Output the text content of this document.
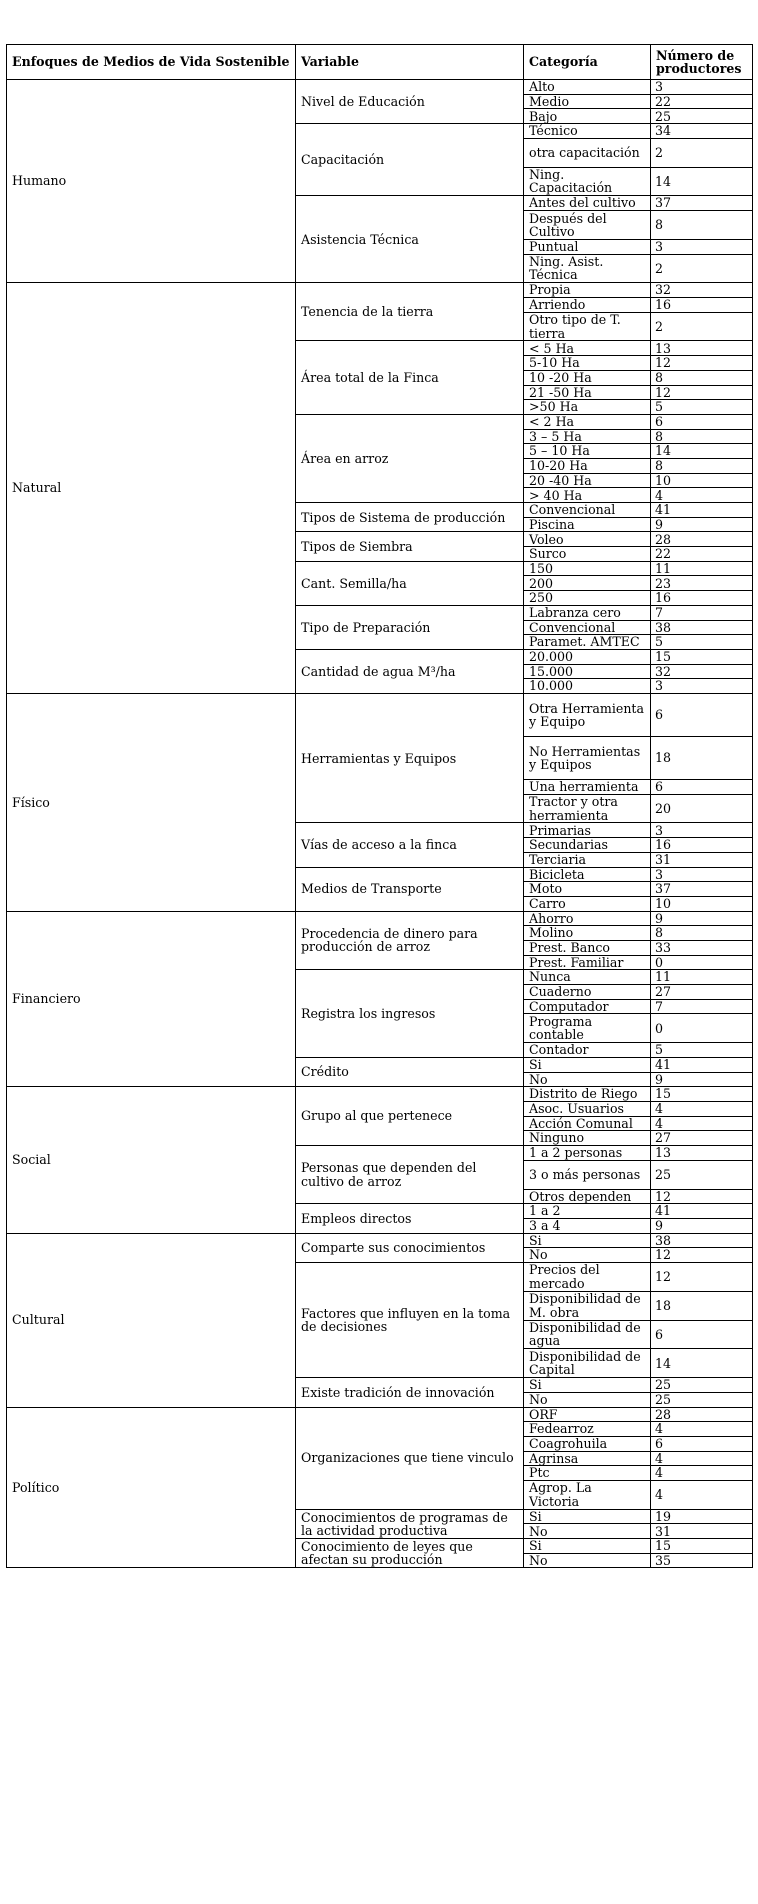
Enfoques de Medios de Vida Sostenible	Variable	Categoría	Número de productores
Humano	Nivel de Educación	Alto	3
		Medio	22
		Bajo	25
	Capacitación	Técnico	34
		otra capacitación	2
		Ning. Capacitación	14
	Asistencia Técnica	Antes del cultivo	37
		Después del Cultivo	8
		Puntual	3
		Ning. Asist. Técnica	2
Natural	Tenencia de la tierra	Propia	32
		Arriendo	16
		Otro tipo de T. tierra	2
	Área total de la Finca	< 5 Ha	13
		5-10 Ha	12
		10 -20 Ha	8
		21 -50 Ha	12
		>50 Ha	5
	Área en arroz	< 2 Ha	6
		3 – 5 Ha	8
		5 – 10 Ha	14
		10-20 Ha	8
		20 -40 Ha	10
		> 40 Ha	4
	Tipos de Sistema de producción	Convencional	41
		Piscina	9
	Tipos de Siembra	Voleo	28
		Surco	22
	Cant. Semilla/ha	150	11
		200	23
		250	16
	Tipo de Preparación	Labranza cero	7
		Convencional	38
		Paramet. AMTEC	5
	Cantidad de agua M³/ha	20.000	15
		15.000	32
		10.000	3
Físico	Herramientas y Equipos	Otra Herramienta y Equipo	6
		No Herramientas y Equipos	18
		Una herramienta	6
		Tractor y otra herramienta	20
	Vías de acceso a la finca	Primarias	3
		Secundarias	16
		Terciaria	31
	Medios de Transporte	Bicicleta	3
		Moto	37
		Carro	10
Financiero	Procedencia de dinero para producción de arroz	Ahorro	9
		Molino	8
		Prest. Banco	33
		Prest. Familiar	0
	Registra los ingresos	Nunca	11
		Cuaderno	27
		Computador	7
		Programa contable	0
		Contador	5
	Crédito	Si	41
		No	9
Social	Grupo al que pertenece	Distrito de Riego	15
		Asoc. Usuarios	4
		Acción Comunal	4
		Ninguno	27
	Personas que dependen del cultivo de arroz	1 a 2 personas	13
		3 o más personas	25
		Otros dependen	12
	Empleos directos	1 a 2	41
		3 a 4	9
Cultural	Comparte sus conocimientos	Si	38
		No	12
	Factores que influyen en la toma de decisiones	Precios del mercado	12
		Disponibilidad de M. obra	18
		Disponibilidad de agua	6
		Disponibilidad de Capital	14
	Existe tradición de innovación	Si	25
		No	25
Político	Organizaciones que tiene vinculo	ORF	28
		Fedearroz	4
		Coagrohuila	6
		Agrinsa	4
		Ptc	4
		Agrop. La Victoria	4
	Conocimientos de programas de la actividad productiva	Si	19
		No	31
	Conocimiento de leyes que afectan su producción	Si	15
		No	35
